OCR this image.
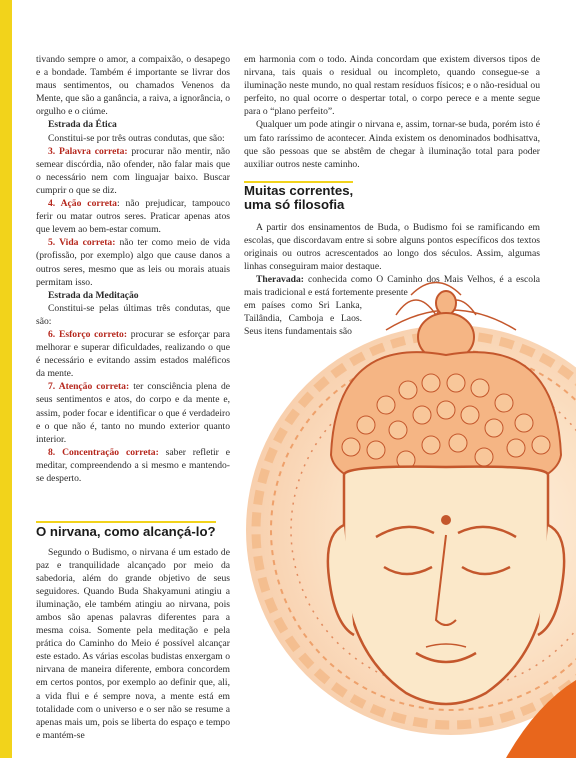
tivando sempre o amor, a compaixão, o desapego e a bondade. Também é importante se livrar dos maus sentimentos, ou chamados Venenos da Mente, que são a ganância, a raiva, a ignorância, o orgulho e o ciúme.

Estrada da Ética

Constitui-se por três outras condutas, que são:

3. Palavra correta: procurar não mentir, não semear discórdia, não ofender, não falar mais que o necessário nem com linguajar baixo. Buscar cumprir o que se diz.

4. Ação correta: não prejudicar, tampouco ferir ou matar outros seres. Praticar apenas atos que levem ao bem-estar comum.

5. Vida correta: não ter como meio de vida (profissão, por exemplo) algo que cause danos a outros seres, mesmo que as leis ou morais atuais permitam isso.

Estrada da Meditação

Constitui-se pelas últimas três condutas, que são:

6. Esforço correto: procurar se esforçar para melhorar e superar dificuldades, realizando o que é necessário e evitando assim estados maléficos da mente.

7. Atenção correta: ter consciência plena de seus sentimentos e atos, do corpo e da mente e, assim, poder focar e identificar o que é verdadeiro e o que não é, tanto no mundo exterior quanto interior.

8. Concentração correta: saber refletir e meditar, compreendendo a si mesmo e mantendo-se desperto.

O nirvana, como alcançá-lo?

Segundo o Budismo, o nirvana é um estado de paz e tranquilidade alcançado por meio da sabedoria, além do grande objetivo de seus seguidores. Quando Buda Shakyamuni atingiu a iluminação, ele também atingiu ao nirvana, pois ambos são apenas palavras diferentes para a mesma coisa. Somente pela meditação e pela prática do Caminho do Meio é possível alcançar este estado. As várias escolas budistas enxergam o nirvana de maneira diferente, embora concordem em certos pontos, por exemplo ao definir que, ali, a vida flui e é sempre nova, a mente está em totalidade com o universo e o ser não se resume a apenas mais um, pois se liberta do espaço e tempo e mantém-se

em harmonia com o todo. Ainda concordam que existem diversos tipos de nirvana, tais quais o residual ou incompleto, quando consegue-se a iluminação neste mundo, no qual restam resíduos físicos; e o não-residual ou perfeito, no qual ocorre o despertar total, o corpo perece e a mente segue para o “plano perfeito”.

Qualquer um pode atingir o nirvana e, assim, tornar-se buda, porém isto é um fato raríssimo de acontecer. Ainda existem os denominados bodhisattva, que são pessoas que se abstêm de chegar à iluminação total para poder auxiliar outros neste caminho.

Muitas correntes,
uma só filosofia

A partir dos ensinamentos de Buda, o Budismo foi se ramificando em escolas, que discordavam entre si sobre alguns pontos específicos dos textos originais ou outros acrescentados ao longo dos séculos. Assim, algumas linhas conseguiram maior destaque.

Theravada: conhecida como O Caminho dos Mais Velhos, é a escola mais tradicional e está fortemente presente

em países como Sri Lanka, Tailândia, Camboja e Laos. Seus itens fundamentais são
